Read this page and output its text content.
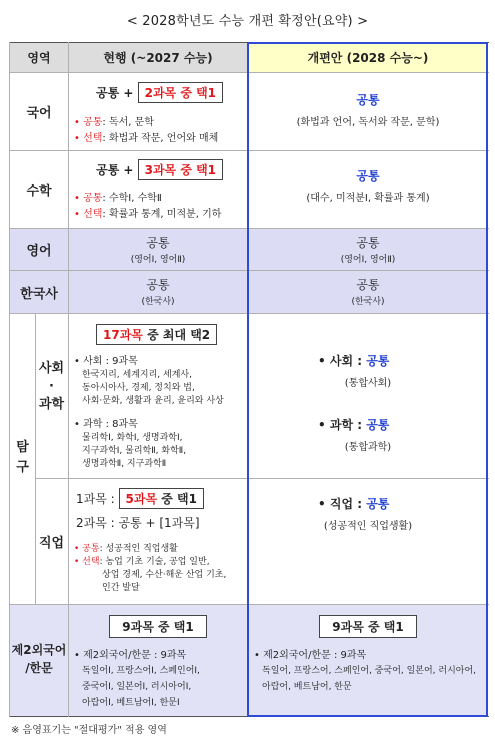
< 2028학년도 수능 개편 확정안(요약) >
영역	현행 (~2027 수능)	개편안 (2028 수능~)
국어
공통 + 2과목 중 택1
• 공통: 독서, 문학
• 선택: 화법과 작문, 언어와 매체
공통
(화법과 언어, 독서와 작문, 문학)
수학
공통 + 3과목 중 택1
• 공통: 수학Ⅰ, 수학Ⅱ
• 선택: 확률과 통계, 미적분, 기하
공통
(대수, 미적분Ⅰ, 확률과 통계)
영어
공통
(영어Ⅰ, 영어Ⅱ)
공통
(영어Ⅰ, 영어Ⅱ)
한국사
공통
(한국사)
공통
(한국사)
탐
구
사회
·
과학
17과목 중 최대 택2
• 사회 : 9과목
한국지리, 세계지리, 세계사,
동아시아사, 경제, 정치와 법,
사회·문화, 생활과 윤리, 윤리와 사상
• 과학 : 8과목
물리학Ⅰ, 화학Ⅰ, 생명과학Ⅰ,
지구과학Ⅰ, 물리학Ⅱ, 화학Ⅱ,
생명과학Ⅱ, 지구과학Ⅱ
• 사회 : 공통
(통합사회)
• 과학 : 공통
(통합과학)
직업
1과목 : 5과목 중 택1
2과목 : 공통 + [1과목]
• 공통: 성공적인 직업생활
• 선택: 농업 기초 기술, 공업 일반,
상업 경제, 수산·해운 산업 기초,
인간 발달
• 직업 : 공통
(성공적인 직업생활)
제2외국어
/한문
9과목 중 택1
• 제2외국어/한문 : 9과목
독일어Ⅰ, 프랑스어Ⅰ, 스페인어Ⅰ,
중국어Ⅰ, 일본어Ⅰ, 러시아어Ⅰ,
아랍어Ⅰ, 베트남어Ⅰ, 한문Ⅰ
9과목 중 택1
• 제2외국어/한문 : 9과목
독일어, 프랑스어, 스페인어, 중국어, 일본어, 러시아어,
아랍어, 베트남어, 한문
※ 음영표기는 "절대평가" 적용 영역
